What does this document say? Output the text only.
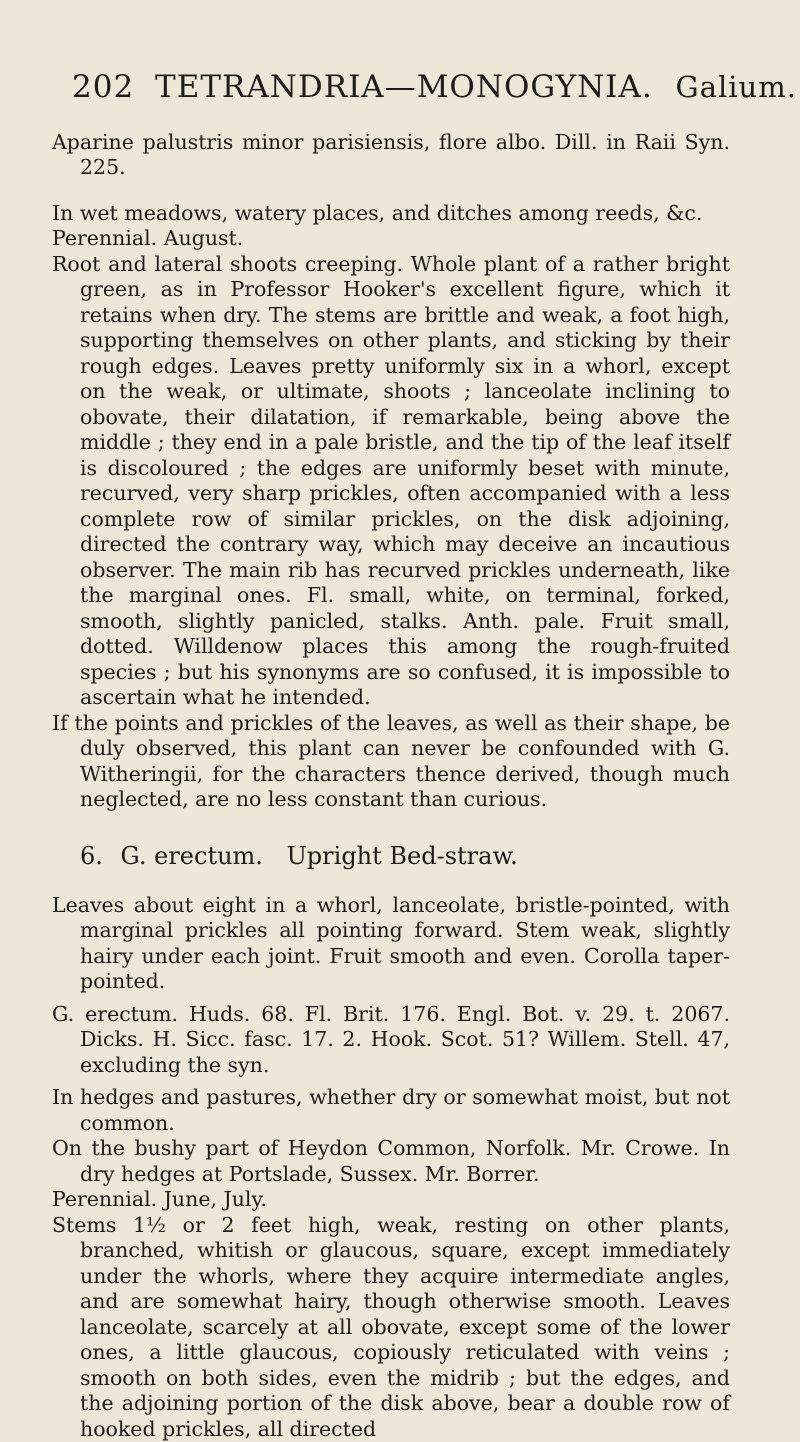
202 TETRANDRIA—MONOGYNIA. Galium.

Aparine palustris minor parisiensis, flore albo. Dill. in Raii Syn. 225.

In wet meadows, watery places, and ditches among reeds, &c.

Perennial. August.

Root and lateral shoots creeping. Whole plant of a rather bright green, as in Professor Hooker's excellent figure, which it retains when dry. The stems are brittle and weak, a foot high, supporting themselves on other plants, and sticking by their rough edges. Leaves pretty uniformly six in a whorl, except on the weak, or ultimate, shoots ; lanceolate inclining to obovate, their dilatation, if remarkable, being above the middle ; they end in a pale bristle, and the tip of the leaf itself is discoloured ; the edges are uniformly beset with minute, recurved, very sharp prickles, often accompanied with a less complete row of similar prickles, on the disk adjoining, directed the contrary way, which may deceive an incautious observer. The main rib has recurved prickles underneath, like the marginal ones. Fl. small, white, on terminal, forked, smooth, slightly panicled, stalks. Anth. pale. Fruit small, dotted. Willdenow places this among the rough-fruited species ; but his synonyms are so confused, it is impossible to ascertain what he intended.

If the points and prickles of the leaves, as well as their shape, be duly observed, this plant can never be confounded with G. Witheringii, for the characters thence derived, though much neglected, are no less constant than curious.

6. G. erectum. Upright Bed-straw.

Leaves about eight in a whorl, lanceolate, bristle-pointed, with marginal prickles all pointing forward. Stem weak, slightly hairy under each joint. Fruit smooth and even. Corolla taper-pointed.

G. erectum. Huds. 68. Fl. Brit. 176. Engl. Bot. v. 29. t. 2067. Dicks. H. Sicc. fasc. 17. 2. Hook. Scot. 51? Willem. Stell. 47, excluding the syn.

In hedges and pastures, whether dry or somewhat moist, but not common.

On the bushy part of Heydon Common, Norfolk. Mr. Crowe. In dry hedges at Portslade, Sussex. Mr. Borrer.

Perennial. June, July.

Stems 1½ or 2 feet high, weak, resting on other plants, branched, whitish or glaucous, square, except immediately under the whorls, where they acquire intermediate angles, and are somewhat hairy, though otherwise smooth. Leaves lanceolate, scarcely at all obovate, except some of the lower ones, a little glaucous, copiously reticulated with veins ; smooth on both sides, even the midrib ; but the edges, and the adjoining portion of the disk above, bear a double row of hooked prickles, all directed
